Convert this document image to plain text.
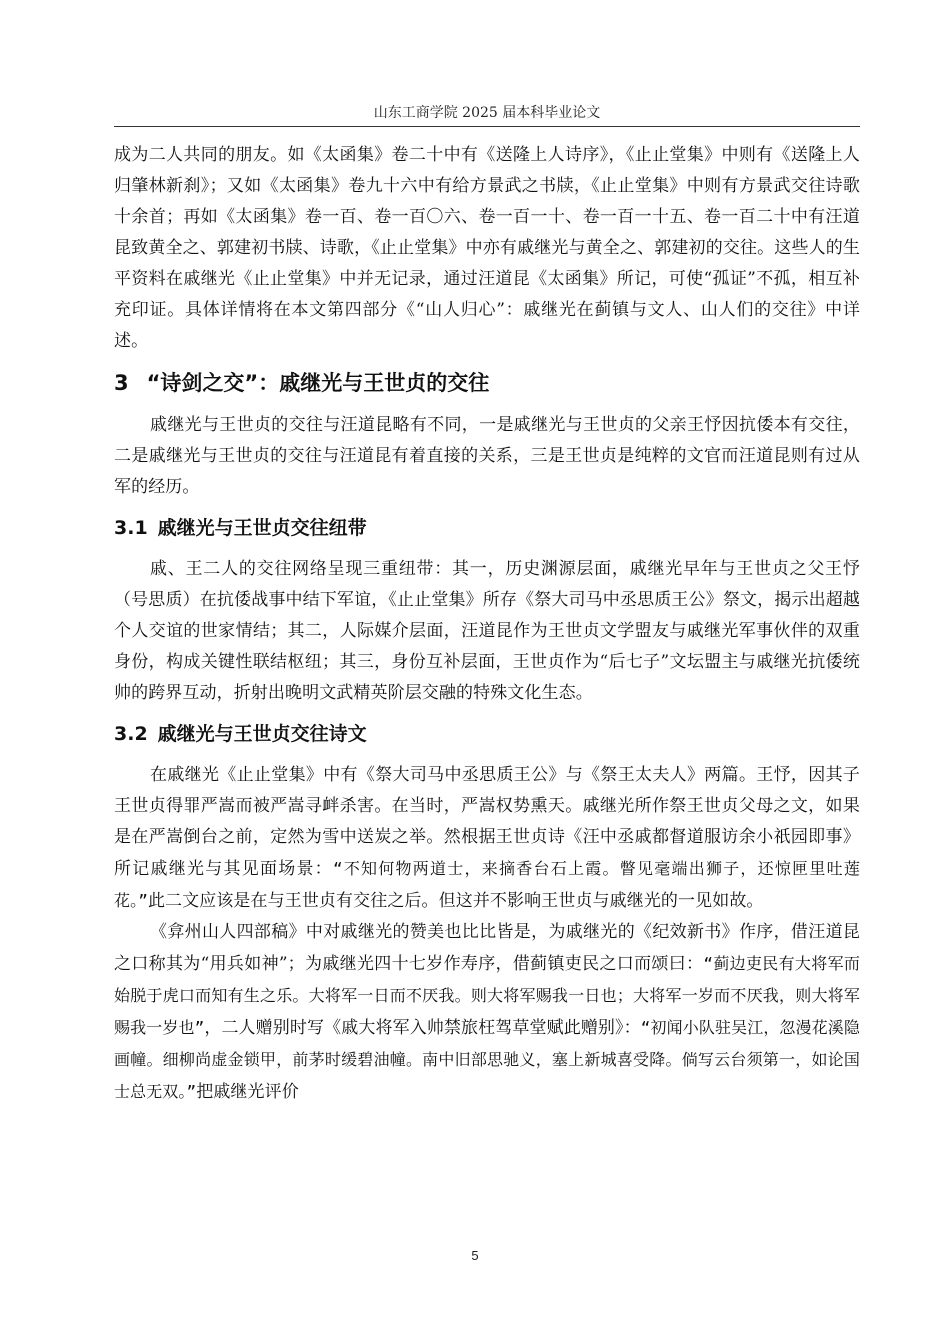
山东工商学院 2025 届本科毕业论文

成为二人共同的朋友。如《太函集》卷二十中有《送隆上人诗序》，《止止堂集》中则有《送隆上人归肇林新刹》；又如《太函集》卷九十六中有给方景武之书牍，《止止堂集》中则有方景武交往诗歌十余首；再如《太函集》卷一百、卷一百〇六、卷一百一十、卷一百一十五、卷一百二十中有汪道昆致黄全之、郭建初书牍、诗歌，《止止堂集》中亦有戚继光与黄全之、郭建初的交往。这些人的生平资料在戚继光《止止堂集》中并无记录，通过汪道昆《太函集》所记，可使“孤证”不孤，相互补充印证。具体详情将在本文第四部分《“山人归心”：戚继光在蓟镇与文人、山人们的交往》中详述。

3 “诗剑之交”：戚继光与王世贞的交往

戚继光与王世贞的交往与汪道昆略有不同，一是戚继光与王世贞的父亲王忬因抗倭本有交往，二是戚继光与王世贞的交往与汪道昆有着直接的关系，三是王世贞是纯粹的文官而汪道昆则有过从军的经历。

3.1 戚继光与王世贞交往纽带

戚、王二人的交往网络呈现三重纽带：其一，历史渊源层面，戚继光早年与王世贞之父王忬（号思质）在抗倭战事中结下军谊，《止止堂集》所存《祭大司马中丞思质王公》祭文，揭示出超越个人交谊的世家情结；其二，人际媒介层面，汪道昆作为王世贞文学盟友与戚继光军事伙伴的双重身份，构成关键性联结枢纽；其三，身份互补层面，王世贞作为“后七子”文坛盟主与戚继光抗倭统帅的跨界互动，折射出晚明文武精英阶层交融的特殊文化生态。

3.2 戚继光与王世贞交往诗文

在戚继光《止止堂集》中有《祭大司马中丞思质王公》与《祭王太夫人》两篇。王忬，因其子王世贞得罪严嵩而被严嵩寻衅杀害。在当时，严嵩权势熏天。戚继光所作祭王世贞父母之文，如果是在严嵩倒台之前，定然为雪中送炭之举。然根据王世贞诗《汪中丞戚都督道服访余小祇园即事》所记戚继光与其见面场景：“不知何物两道士，来摘香台石上霞。瞥见毫端出狮子，还惊匣里吐莲花。”此二文应该是在与王世贞有交往之后。但这并不影响王世贞与戚继光的一见如故。

《弇州山人四部稿》中对戚继光的赞美也比比皆是，为戚继光的《纪效新书》作序，借汪道昆之口称其为“用兵如神”；为戚继光四十七岁作寿序，借蓟镇吏民之口而颂曰：“蓟边吏民有大将军而始脱于虎口而知有生之乐。大将军一日而不厌我。则大将军赐我一日也；大将军一岁而不厌我，则大将军赐我一岁也”，二人赠别时写《戚大将军入帅禁旅枉驾草堂赋此赠别》：“初闻小队驻吴江，忽漫花溪隐画幢。细柳尚虚金锁甲，前茅时缓碧油幢。南中旧部思驰义，塞上新城喜受降。倘写云台须第一，如论国士总无双。”把戚继光评价

5
